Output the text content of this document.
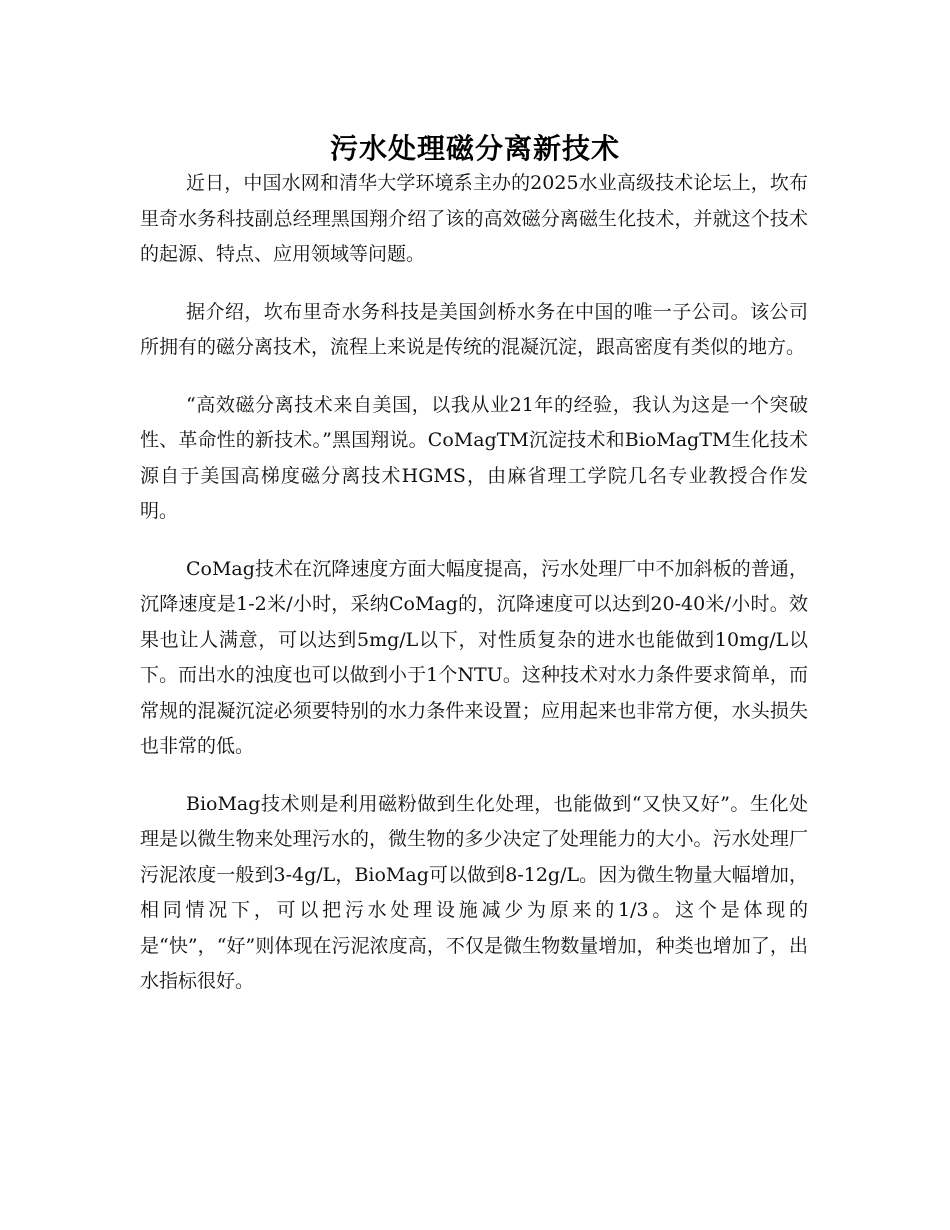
污水处理磁分离新技术

近日，中国水网和清华大学环境系主办的2025水业高级技术论坛上，坎布里奇水务科技副总经理黑国翔介绍了该的高效磁分离磁生化技术，并就这个技术的起源、特点、应用领域等问题。

据介绍，坎布里奇水务科技是美国剑桥水务在中国的唯一子公司。该公司所拥有的磁分离技术，流程上来说是传统的混凝沉淀，跟高密度有类似的地方。

“高效磁分离技术来自美国，以我从业21年的经验，我认为这是一个突破性、革命性的新技术。”黑国翔说。CoMagTM沉淀技术和BioMagTM生化技术源自于美国高梯度磁分离技术HGMS，由麻省理工学院几名专业教授合作发明。

CoMag技术在沉降速度方面大幅度提高，污水处理厂中不加斜板的普通，沉降速度是1-2米/小时，采纳CoMag的，沉降速度可以达到20-40米/小时。效果也让人满意，可以达到5mg/L以下，对性质复杂的进水也能做到10mg/L以下。而出水的浊度也可以做到小于1个NTU。这种技术对水力条件要求简单，而常规的混凝沉淀必须要特别的水力条件来设置；应用起来也非常方便，水头损失也非常的低。

BioMag技术则是利用磁粉做到生化处理，也能做到“又快又好”。生化处理是以微生物来处理污水的，微生物的多少决定了处理能力的大小。污水处理厂污泥浓度一般到3-4g/L，BioMag可以做到8-12g/L。因为微生物量大幅增加，相同情况下，可以把污水处理设施减少为原来的1/3。这个是体现的是“快”，“好”则体现在污泥浓度高，不仅是微生物数量增加，种类也增加了，出水指标很好。
